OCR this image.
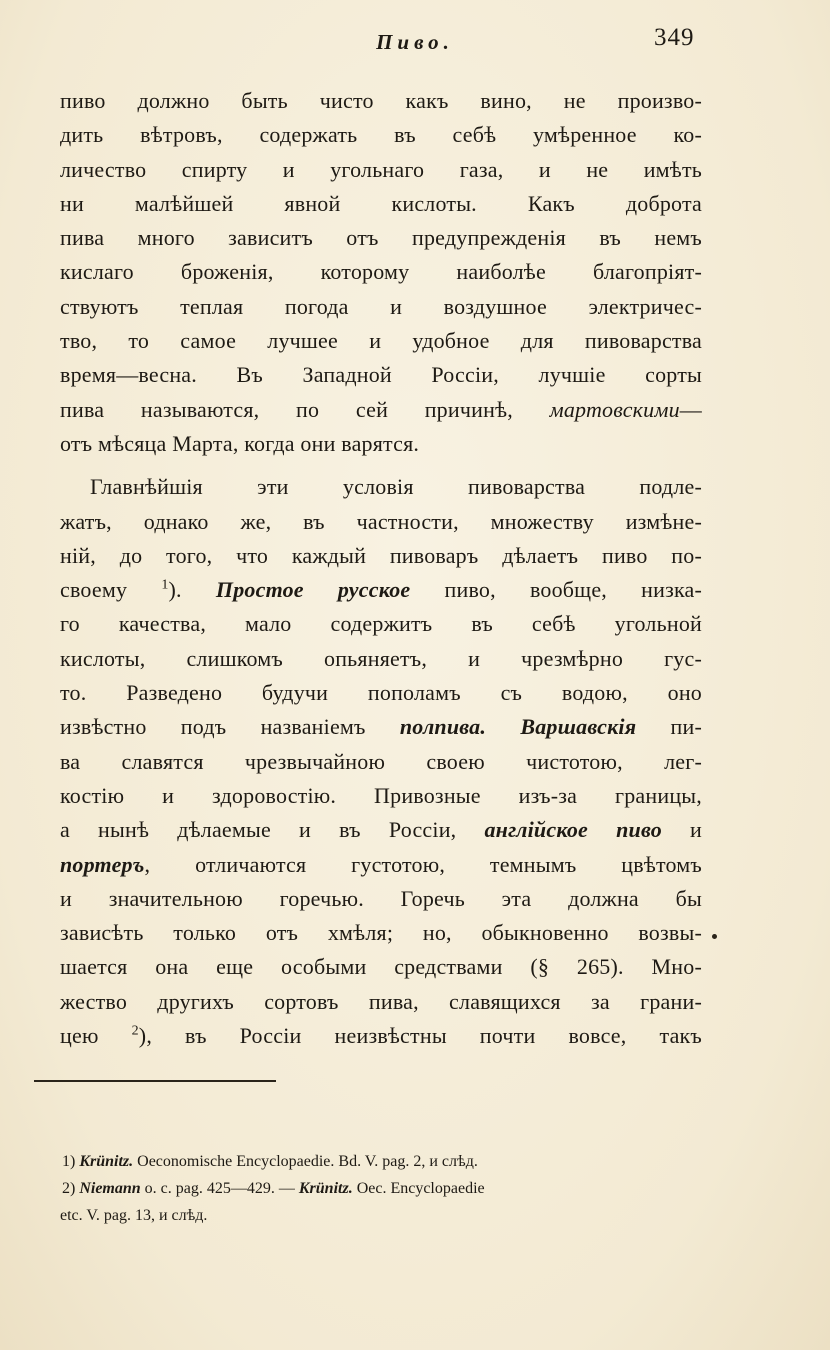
Пиво.	349
пиво должно быть чисто какъ вино, не произво-
дить вѣтровъ, содержать въ себѣ умѣренное ко-
личество спирту и угольнаго газа, и не имѣть
ни малѣйшей явной кислоты. Какъ доброта
пива много зависитъ отъ предупрежденія въ немъ
кислаго броженія, которому наиболѣе благопріят-
ствуютъ теплая погода и воздушное электричес-
тво, то самое лучшее и удобное для пивоварства
время—весна. Въ Западной Россіи, лучшіе сорты
пива называются, по сей причинѣ, мартовскими—
отъ мѣсяца Марта, когда они варятся.
Главнѣйшія эти условія пивоварства подле-
жатъ, однако же, въ частности, множеству измѣне-
ній, до того, что каждый пивоваръ дѣлаетъ пиво по-
своему $^1$). Простое русское пиво, вообще, низка-
го качества, мало содержитъ въ себѣ угольной
кислоты, слишкомъ опьяняетъ, и чрезмѣрно гус-
то. Разведено будучи пополамъ съ водою, оно
извѣстно подъ названіемъ полпива. Варшавскія пи-
ва славятся чрезвычайною своею чистотою, лег-
костію и здоровостію. Привозные изъ-за границы,
а нынѣ дѣлаемые и въ Россіи, англійское пиво и
портеръ, отличаются густотою, темнымъ цвѣтомъ
и значительною горечью. Горечь эта должна бы
зависѣть только отъ хмѣля; но, обыкновенно возвы-
шается она еще особыми средствами (§ 265). Мно-
жество другихъ сортовъ пива, славящихся за грани-
цею $^2$), въ Россіи неизвѣстны почти вовсе, такъ
1) Krünitz. Oeconomische Encyclopaedie. Bd. V. pag. 2, и слѣд.
2) Niemann o. c. pag. 425—429. — Krünitz. Oec. Encyclopaedie
etc. V. pag. 13, и слѣд.
